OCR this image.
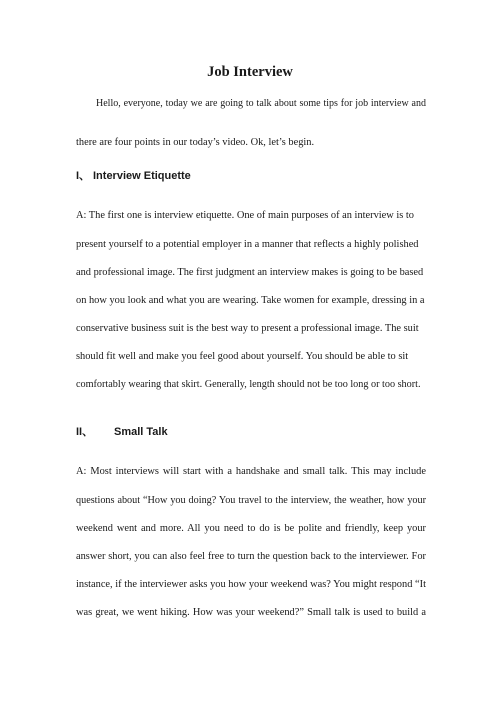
Job Interview
Hello, everyone, today we are going to talk about some tips for job interview and
there are four points in our today’s video. Ok, let’s begin.
I、 Interview Etiquette
A: The first one is interview etiquette. One of main purposes of an interview is to
present yourself to a potential employer in a manner that reflects a highly polished
and professional image. The first judgment an interview makes is going to be based
on how you look and what you are wearing. Take women for example, dressing in a
conservative business suit is the best way to present a professional image. The suit
should fit well and make you feel good about yourself. You should be able to sit
comfortably wearing that skirt. Generally, length should not be too long or too short.
II、 Small Talk
A: Most interviews will start with a handshake and small talk. This may include
questions about “How you doing? You travel to the interview, the weather, how your
weekend went and more. All you need to do is be polite and friendly, keep your
answer short, you can also feel free to turn the question back to the interviewer. For
instance, if the interviewer asks you how your weekend was? You might respond “It
was great, we went hiking. How was your weekend?” Small talk is used to build a
